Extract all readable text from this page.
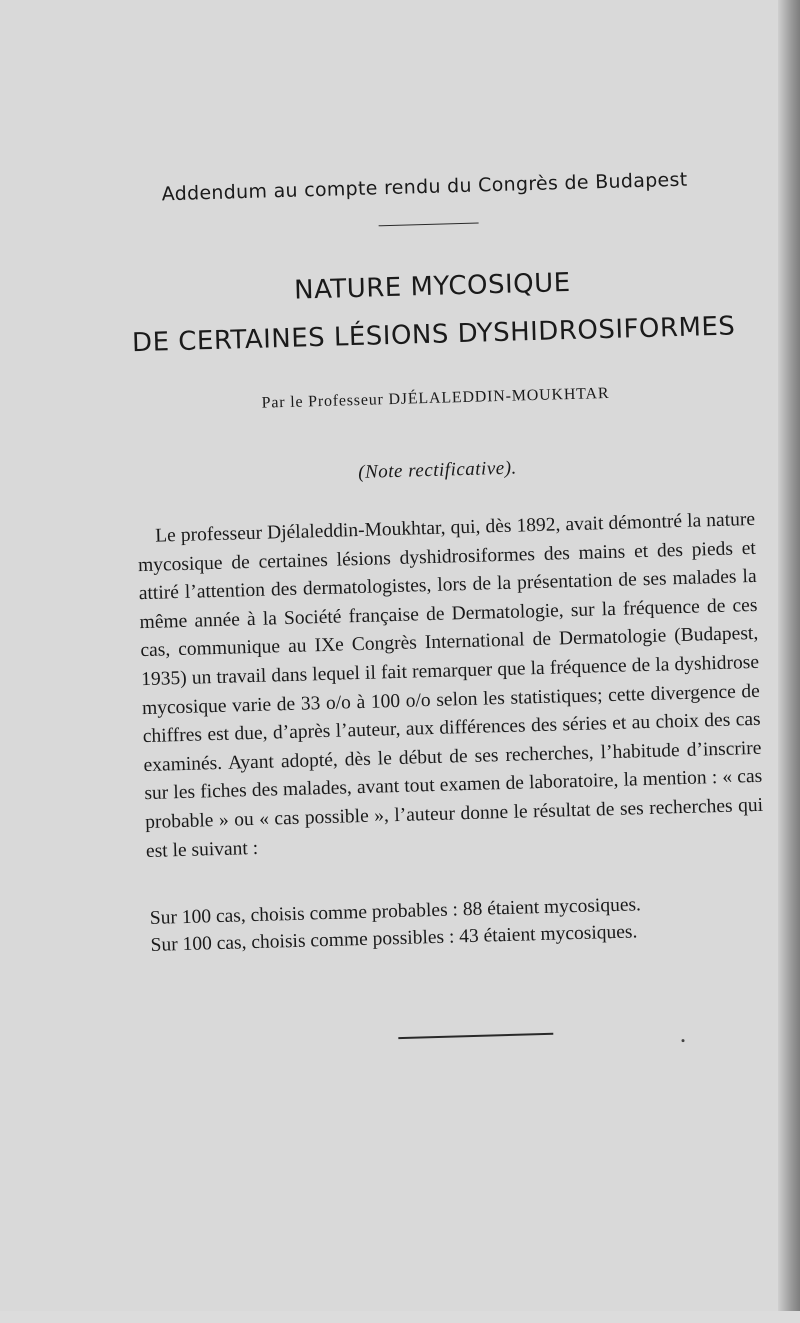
Addendum au compte rendu du Congrès de Budapest
NATURE MYCOSIQUE
DE CERTAINES LÉSIONS DYSHIDROSIFORMES
Par le Professeur DJÉLALEDDIN-MOUKHTAR
(Note rectificative).

Le professeur Djélaleddin-Moukhtar, qui, dès 1892, avait démontré la nature mycosique de certaines lésions dyshidrosiformes des mains et des pieds et attiré l’attention des dermatologistes, lors de la présentation de ses malades la même année à la Société française de Dermatologie, sur la fréquence de ces cas, communique au IXe Congrès International de Dermatologie (Budapest, 1935) un travail dans lequel il fait remarquer que la fréquence de la dyshidrose mycosique varie de 33 o/o à 100 o/o selon les statistiques; cette divergence de chiffres est due, d’après l’auteur, aux différences des séries et au choix des cas examinés. Ayant adopté, dès le début de ses recherches, l’habitude d’inscrire sur les fiches des malades, avant tout examen de laboratoire, la mention : « cas probable » ou « cas possible », l’auteur donne le résultat de ses recherches qui est le suivant :

Sur 100 cas, choisis comme probables : 88 étaient mycosiques.
Sur 100 cas, choisis comme possibles : 43 étaient mycosiques.
